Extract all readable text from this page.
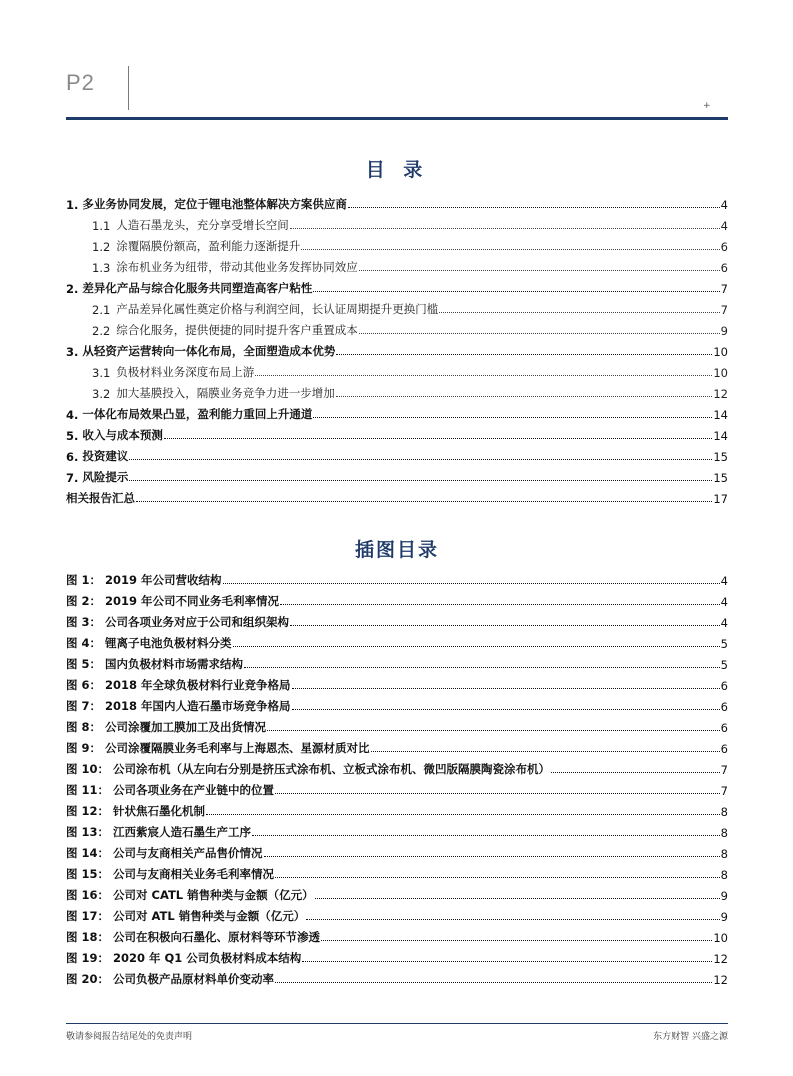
P2
+
目 录
1. 多业务协同发展，定位于锂电池整体解决方案供应商	4
1.1 人造石墨龙头，充分享受增长空间	4
1.2 涂覆隔膜份额高，盈利能力逐渐提升	6
1.3 涂布机业务为纽带，带动其他业务发挥协同效应	6
2. 差异化产品与综合化服务共同塑造高客户粘性	7
2.1 产品差异化属性奠定价格与利润空间，长认证周期提升更换门槛	7
2.2 综合化服务，提供便捷的同时提升客户重置成本	9
3. 从轻资产运营转向一体化布局，全面塑造成本优势	10
3.1 负极材料业务深度布局上游	10
3.2 加大基膜投入，隔膜业务竞争力进一步增加	12
4. 一体化布局效果凸显，盈利能力重回上升通道	14
5. 收入与成本预测	14
6. 投资建议	15
7. 风险提示	15
相关报告汇总	17
插图目录
图 1： 2019 年公司营收结构	4
图 2： 2019 年公司不同业务毛利率情况	4
图 3： 公司各项业务对应于公司和组织架构	4
图 4： 锂离子电池负极材料分类	5
图 5： 国内负极材料市场需求结构	5
图 6： 2018 年全球负极材料行业竞争格局	6
图 7： 2018 年国内人造石墨市场竞争格局	6
图 8： 公司涂覆加工膜加工及出货情况	6
图 9： 公司涂覆隔膜业务毛利率与上海恩杰、星源材质对比	6
图 10： 公司涂布机（从左向右分别是挤压式涂布机、立板式涂布机、微凹版隔膜陶瓷涂布机）	7
图 11： 公司各项业务在产业链中的位置	7
图 12： 针状焦石墨化机制	8
图 13： 江西紫宸人造石墨生产工序	8
图 14： 公司与友商相关产品售价情况	8
图 15： 公司与友商相关业务毛利率情况	8
图 16： 公司对 CATL 销售种类与金额（亿元）	9
图 17： 公司对 ATL 销售种类与金额（亿元）	9
图 18： 公司在积极向石墨化、原材料等环节渗透	10
图 19： 2020 年 Q1 公司负极材料成本结构	12
图 20： 公司负极产品原材料单价变动率	12
敬请参阅报告结尾处的免责声明	东方财智 兴盛之源
